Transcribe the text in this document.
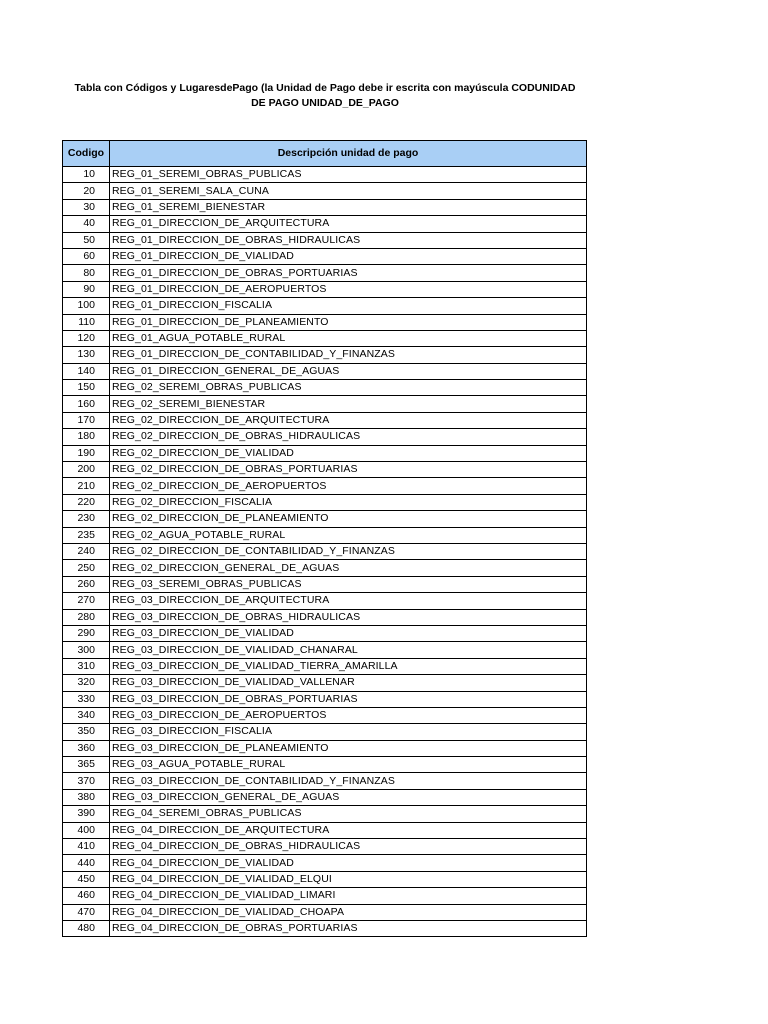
Tabla con Códigos y LugaresdePago (la Unidad de Pago debe ir escrita con mayúscula CODUNIDAD
DE PAGO UNIDAD_DE_PAGO
Codigo	Descripción unidad de pago
10	REG_01_SEREMI_OBRAS_PUBLICAS
20	REG_01_SEREMI_SALA_CUNA
30	REG_01_SEREMI_BIENESTAR
40	REG_01_DIRECCION_DE_ARQUITECTURA
50	REG_01_DIRECCION_DE_OBRAS_HIDRAULICAS
60	REG_01_DIRECCION_DE_VIALIDAD
80	REG_01_DIRECCION_DE_OBRAS_PORTUARIAS
90	REG_01_DIRECCION_DE_AEROPUERTOS
100	REG_01_DIRECCION_FISCALIA
110	REG_01_DIRECCION_DE_PLANEAMIENTO
120	REG_01_AGUA_POTABLE_RURAL
130	REG_01_DIRECCION_DE_CONTABILIDAD_Y_FINANZAS
140	REG_01_DIRECCION_GENERAL_DE_AGUAS
150	REG_02_SEREMI_OBRAS_PUBLICAS
160	REG_02_SEREMI_BIENESTAR
170	REG_02_DIRECCION_DE_ARQUITECTURA
180	REG_02_DIRECCION_DE_OBRAS_HIDRAULICAS
190	REG_02_DIRECCION_DE_VIALIDAD
200	REG_02_DIRECCION_DE_OBRAS_PORTUARIAS
210	REG_02_DIRECCION_DE_AEROPUERTOS
220	REG_02_DIRECCION_FISCALIA
230	REG_02_DIRECCION_DE_PLANEAMIENTO
235	REG_02_AGUA_POTABLE_RURAL
240	REG_02_DIRECCION_DE_CONTABILIDAD_Y_FINANZAS
250	REG_02_DIRECCION_GENERAL_DE_AGUAS
260	REG_03_SEREMI_OBRAS_PUBLICAS
270	REG_03_DIRECCION_DE_ARQUITECTURA
280	REG_03_DIRECCION_DE_OBRAS_HIDRAULICAS
290	REG_03_DIRECCION_DE_VIALIDAD
300	REG_03_DIRECCION_DE_VIALIDAD_CHANARAL
310	REG_03_DIRECCION_DE_VIALIDAD_TIERRA_AMARILLA
320	REG_03_DIRECCION_DE_VIALIDAD_VALLENAR
330	REG_03_DIRECCION_DE_OBRAS_PORTUARIAS
340	REG_03_DIRECCION_DE_AEROPUERTOS
350	REG_03_DIRECCION_FISCALIA
360	REG_03_DIRECCION_DE_PLANEAMIENTO
365	REG_03_AGUA_POTABLE_RURAL
370	REG_03_DIRECCION_DE_CONTABILIDAD_Y_FINANZAS
380	REG_03_DIRECCION_GENERAL_DE_AGUAS
390	REG_04_SEREMI_OBRAS_PUBLICAS
400	REG_04_DIRECCION_DE_ARQUITECTURA
410	REG_04_DIRECCION_DE_OBRAS_HIDRAULICAS
440	REG_04_DIRECCION_DE_VIALIDAD
450	REG_04_DIRECCION_DE_VIALIDAD_ELQUI
460	REG_04_DIRECCION_DE_VIALIDAD_LIMARI
470	REG_04_DIRECCION_DE_VIALIDAD_CHOAPA
480	REG_04_DIRECCION_DE_OBRAS_PORTUARIAS
